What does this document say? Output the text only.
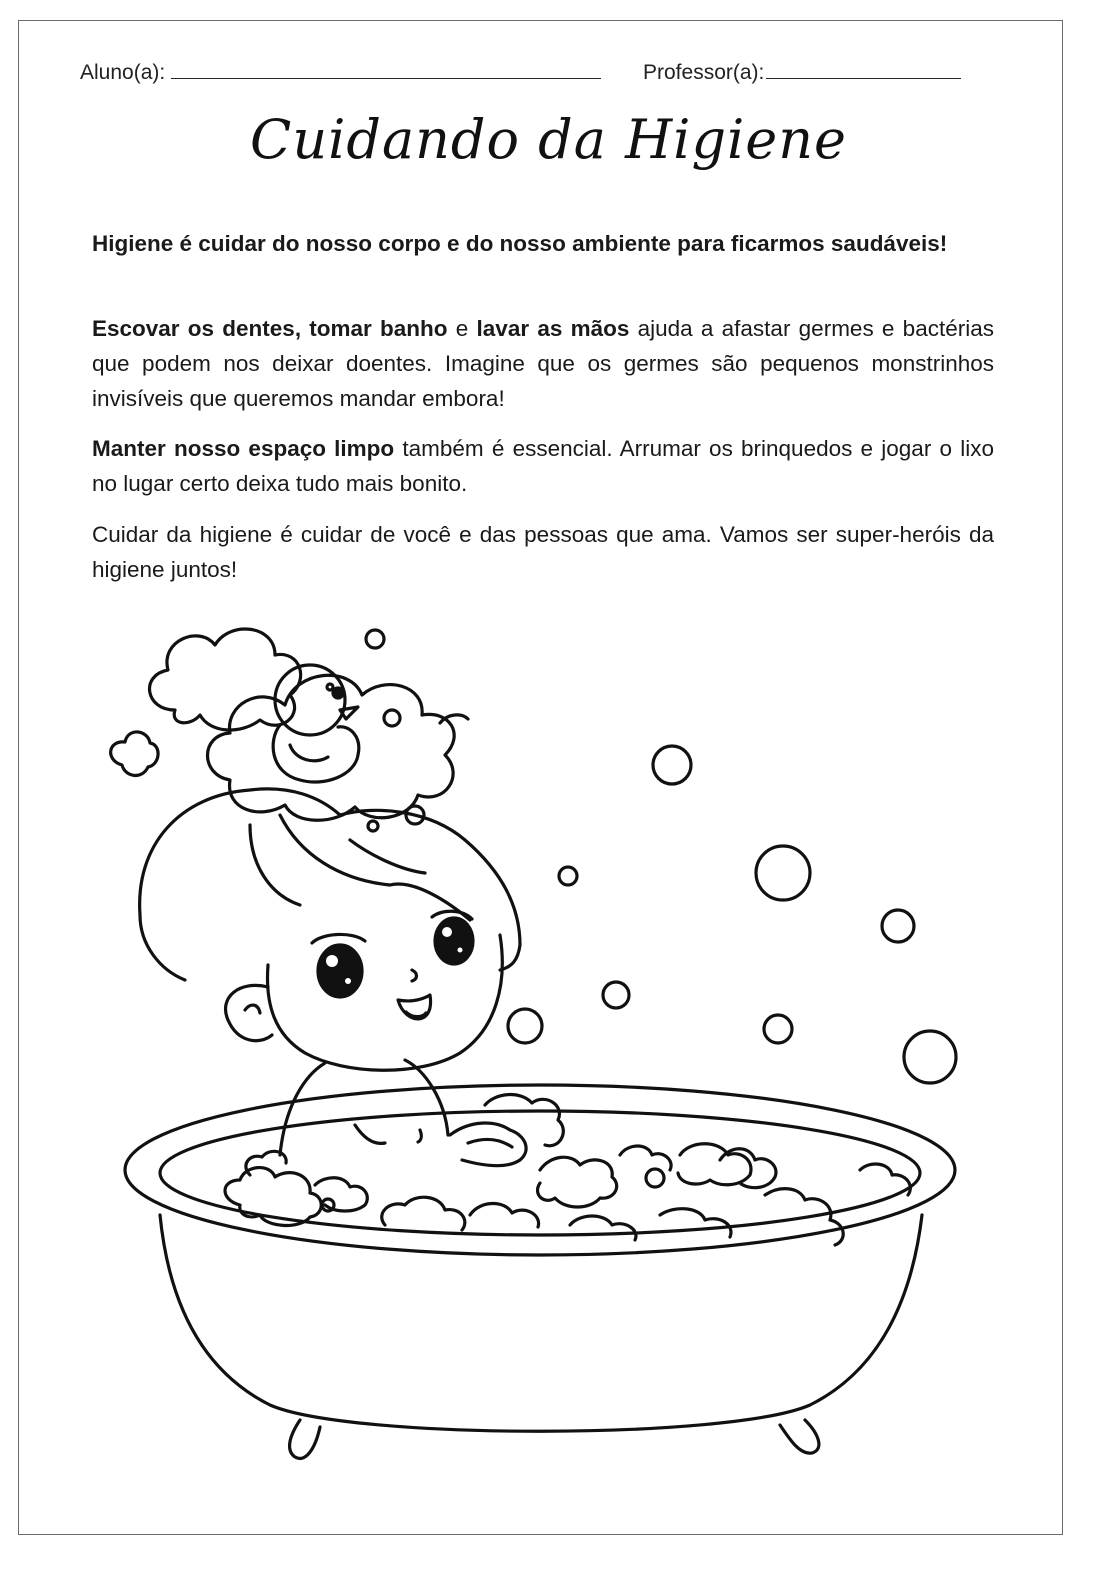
Aluno(a):	Professor(a):
Cuidando da Higiene
Higiene é cuidar do nosso corpo e do nosso ambiente para ficarmos saudáveis!
Escovar os dentes, tomar banho e lavar as mãos ajuda a afastar germes e bactérias que podem nos deixar doentes. Imagine que os germes são pequenos monstrinhos invisíveis que queremos mandar embora!
Manter nosso espaço limpo também é essencial. Arrumar os brinquedos e jogar o lixo no lugar certo deixa tudo mais bonito.
Cuidar da higiene é cuidar de você e das pessoas que ama. Vamos ser super-heróis da higiene juntos!
